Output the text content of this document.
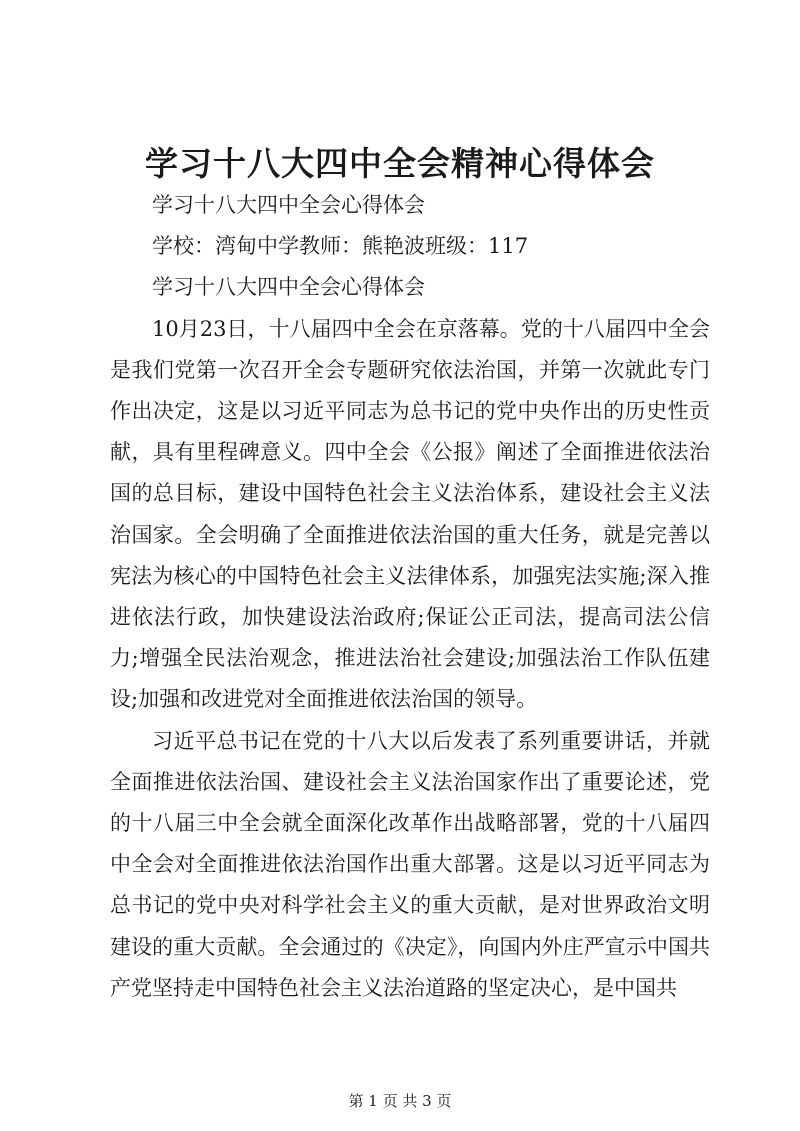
学习十八大四中全会精神心得体会

学习十八大四中全会心得体会

学校：湾甸中学教师：熊艳波班级：117

学习十八大四中全会心得体会

10月23日，十八届四中全会在京落幕。党的十八届四中全会是我们党第一次召开全会专题研究依法治国，并第一次就此专门作出决定，这是以习近平同志为总书记的党中央作出的历史性贡献，具有里程碑意义。四中全会《公报》阐述了全面推进依法治国的总目标，建设中国特色社会主义法治体系，建设社会主义法治国家。全会明确了全面推进依法治国的重大任务，就是完善以宪法为核心的中国特色社会主义法律体系，加强宪法实施;深入推进依法行政，加快建设法治政府;保证公正司法，提高司法公信力;增强全民法治观念，推进法治社会建设;加强法治工作队伍建设;加强和改进党对全面推进依法治国的领导。

习近平总书记在党的十八大以后发表了系列重要讲话，并就全面推进依法治国、建设社会主义法治国家作出了重要论述，党的十八届三中全会就全面深化改革作出战略部署，党的十八届四中全会对全面推进依法治国作出重大部署。这是以习近平同志为总书记的党中央对科学社会主义的重大贡献，是对世界政治文明建设的重大贡献。全会通过的《决定》，向国内外庄严宣示中国共产党坚持走中国特色社会主义法治道路的坚定决心，是中国共

第 1 页 共 3 页
